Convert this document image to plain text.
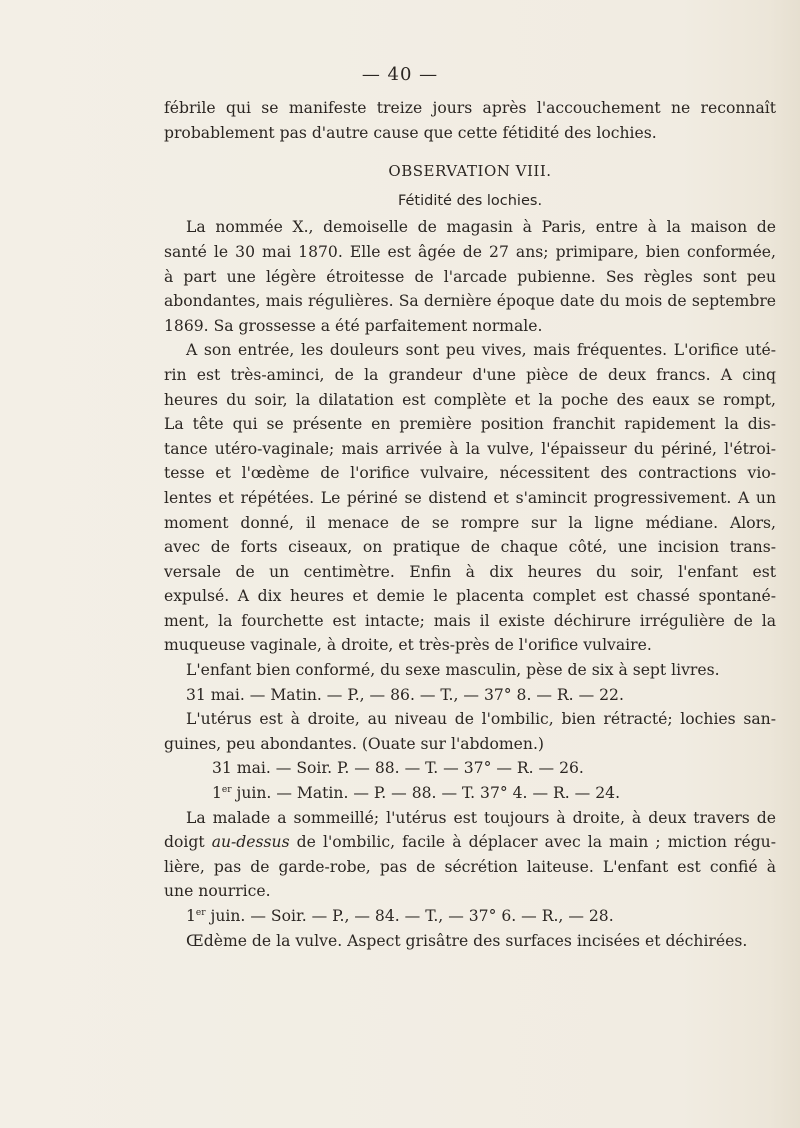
— 40 —

fébrile qui se manifeste treize jours après l'accouchement ne reconnaît

probablement pas d'autre cause que cette fétidité des lochies.

OBSERVATION VIII.

Fétidité des lochies.

La nommée X., demoiselle de magasin à Paris, entre à la maison de

santé le 30 mai 1870. Elle est âgée de 27 ans; primipare, bien conformée,

à part une légère étroitesse de l'arcade pubienne. Ses règles sont peu

abondantes, mais régulières. Sa dernière époque date du mois de septembre

1869. Sa grossesse a été parfaitement normale.

A son entrée, les douleurs sont peu vives, mais fréquentes. L'orifice uté-

rin est très-aminci, de la grandeur d'une pièce de deux francs. A cinq

heures du soir, la dilatation est complète et la poche des eaux se rompt,

La tête qui se présente en première position franchit rapidement la dis-

tance utéro-vaginale; mais arrivée à la vulve, l'épaisseur du périné, l'étroi-

tesse et l'œdème de l'orifice vulvaire, nécessitent des contractions vio-

lentes et répétées. Le périné se distend et s'amincit progressivement. A un

moment donné, il menace de se rompre sur la ligne médiane. Alors,

avec de forts ciseaux, on pratique de chaque côté, une incision trans-

versale de un centimètre. Enfin à dix heures du soir, l'enfant est

expulsé. A dix heures et demie le placenta complet est chassé spontané-

ment, la fourchette est intacte; mais il existe déchirure irrégulière de la

muqueuse vaginale, à droite, et très-près de l'orifice vulvaire.

L'enfant bien conformé, du sexe masculin, pèse de six à sept livres.

31 mai. — Matin. — P., — 86. — T., — 37° 8. — R. — 22.

L'utérus est à droite, au niveau de l'ombilic, bien rétracté; lochies san-

guines, peu abondantes. (Ouate sur l'abdomen.)

31 mai. — Soir. P. — 88. — T. — 37° — R. — 26.

1er juin. — Matin. — P. — 88. — T. 37° 4. — R. — 24.

La malade a sommeillé; l'utérus est toujours à droite, à deux travers de

doigt au-dessus de l'ombilic, facile à déplacer avec la main ; miction régu-

lière, pas de garde-robe, pas de sécrétion laiteuse. L'enfant est confié à

une nourrice.

1er juin. — Soir. — P., — 84. — T., — 37° 6. — R., — 28.

Œdème de la vulve. Aspect grisâtre des surfaces incisées et déchirées.
